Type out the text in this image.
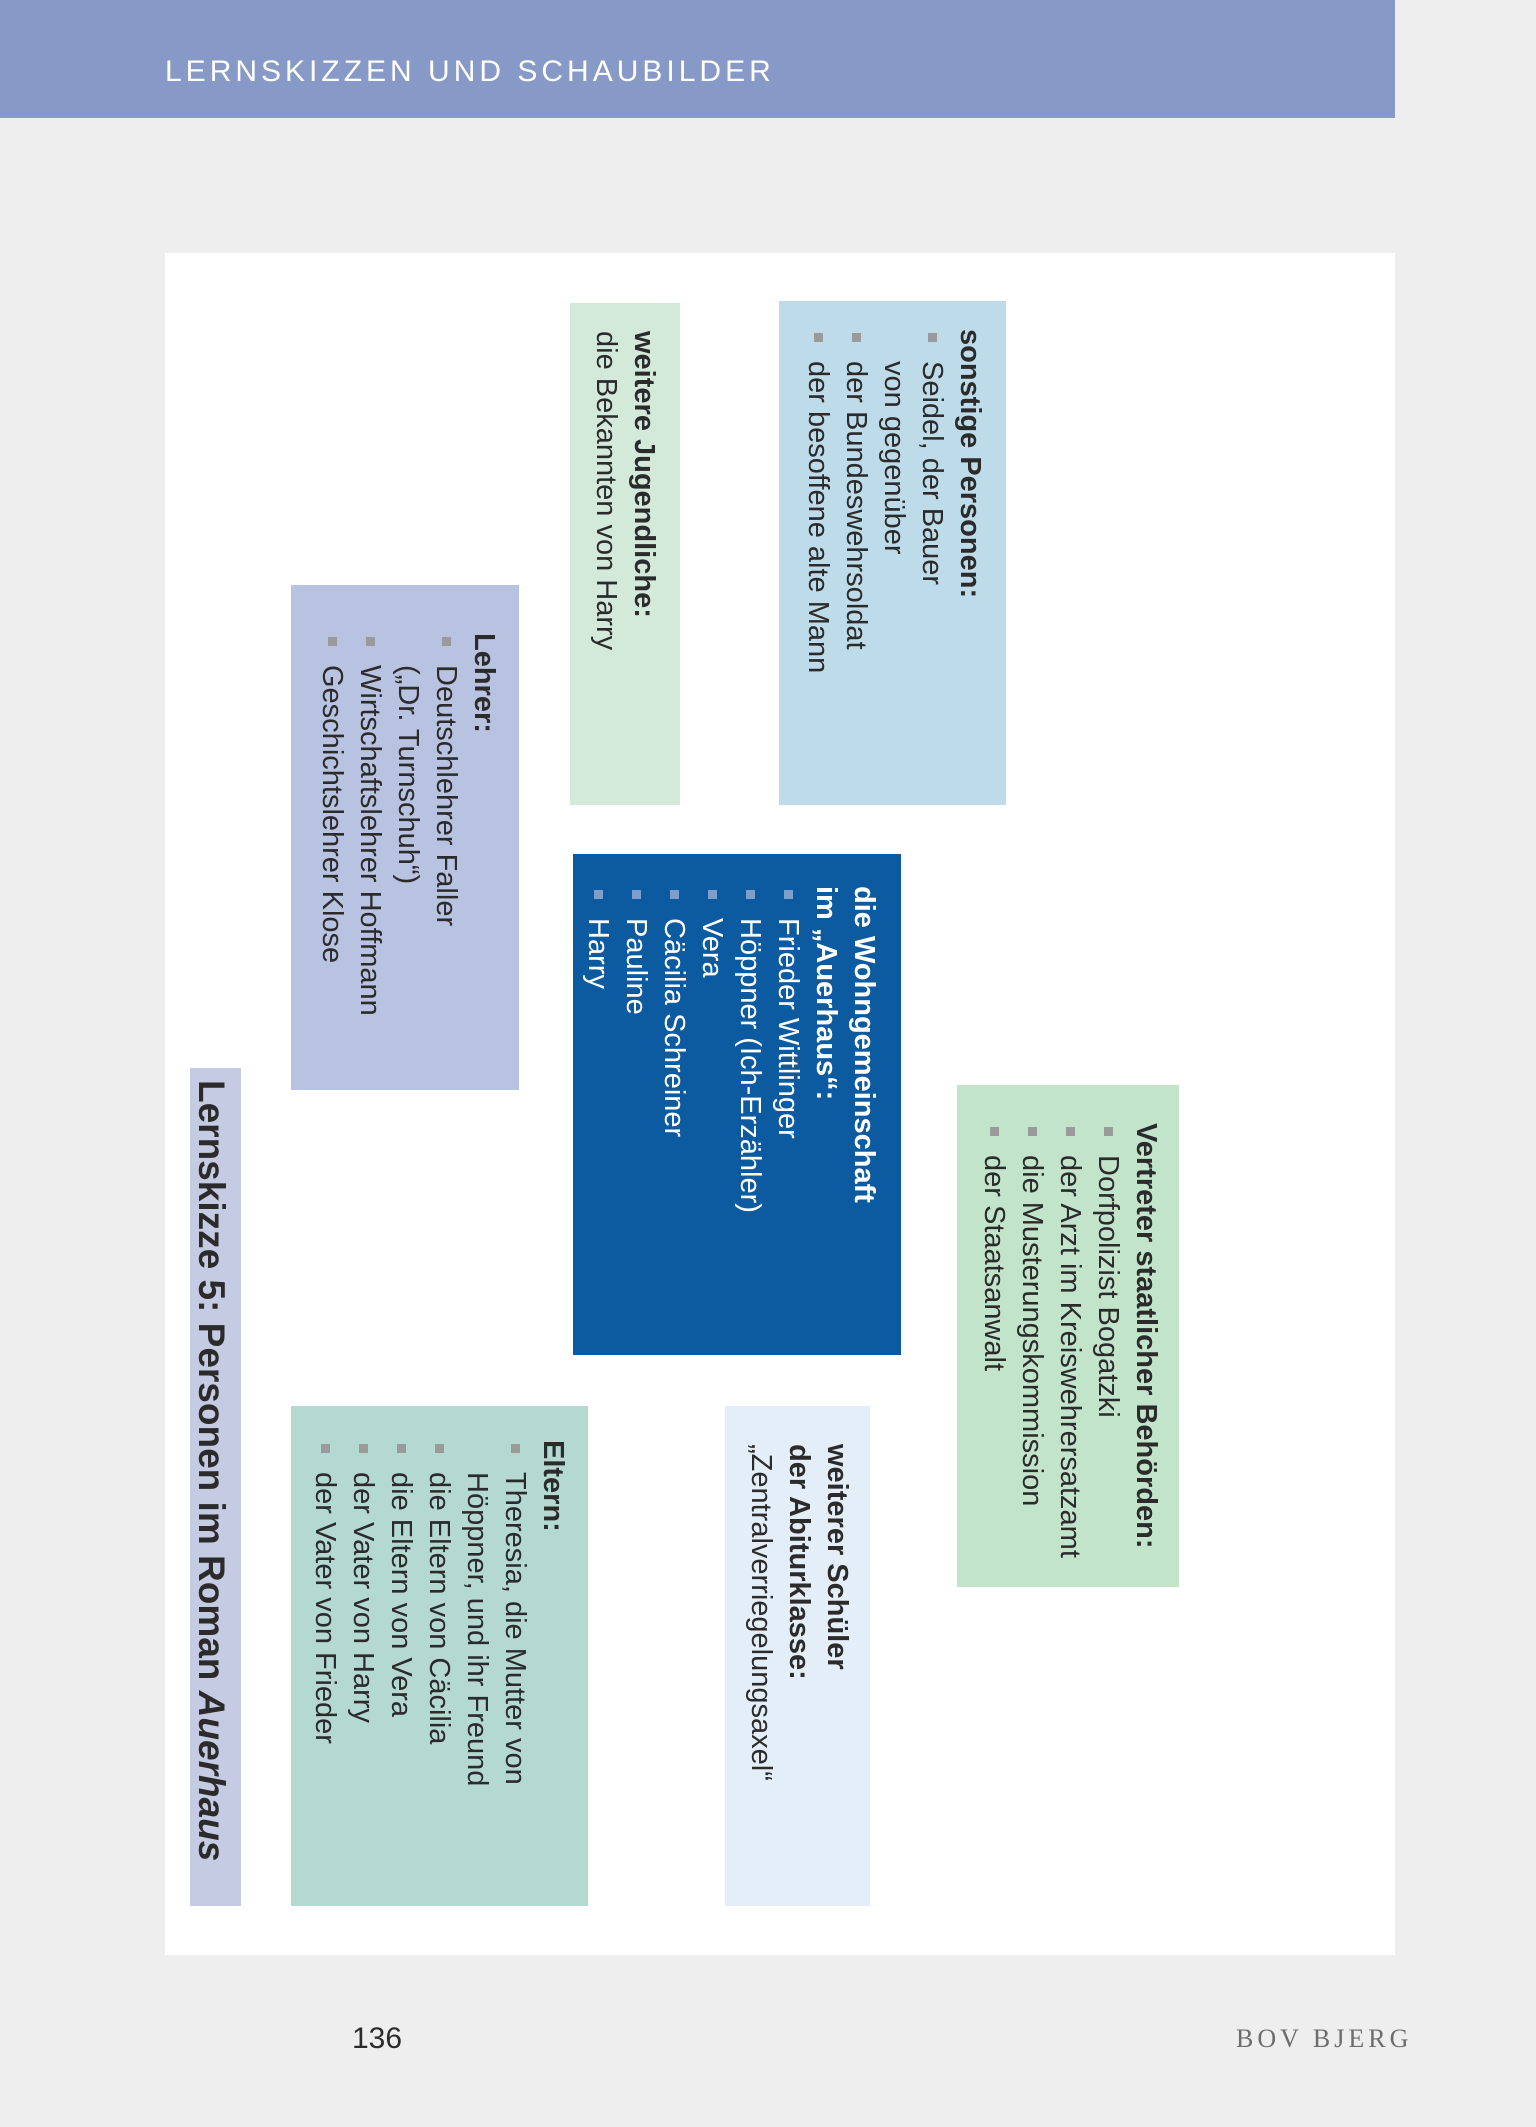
LERNSKIZZEN UND SCHAUBILDER
Lernskizze 5: Personen im Roman Auerhaus
Eltern:
Theresia, die Mutter von
Höppner, und ihr Freund
die Eltern von Cäcilia
die Eltern von Vera
der Vater von Harry
der Vater von Frieder
Lehrer:
Deutschlehrer Faller
(„Dr. Turnschuh“)
Wirtschaftslehrer Hoffmann
Geschichtslehrer Klose
die Wohngemeinschaft
im „Auerhaus“:
Frieder Wittlinger
Höppner (Ich-Erzähler)
Vera
Cäcilia Schreiner
Pauline
Harry
weiterer Schüler
der Abiturklasse:
„Zentralverriegelungsaxel“
weitere Jugendliche:
die Bekannten von Harry	sonstige Personen:
Seidel, der Bauer
von gegenüber
der Bundeswehrsoldat
der besoffene alte Mann
Vertreter staatlicher Behörden:
Dorfpolizist Bogatzki
der Arzt im Kreiswehrersatzamt
die Musterungskommission
der Staatsanwalt
136	BOV BJERG
